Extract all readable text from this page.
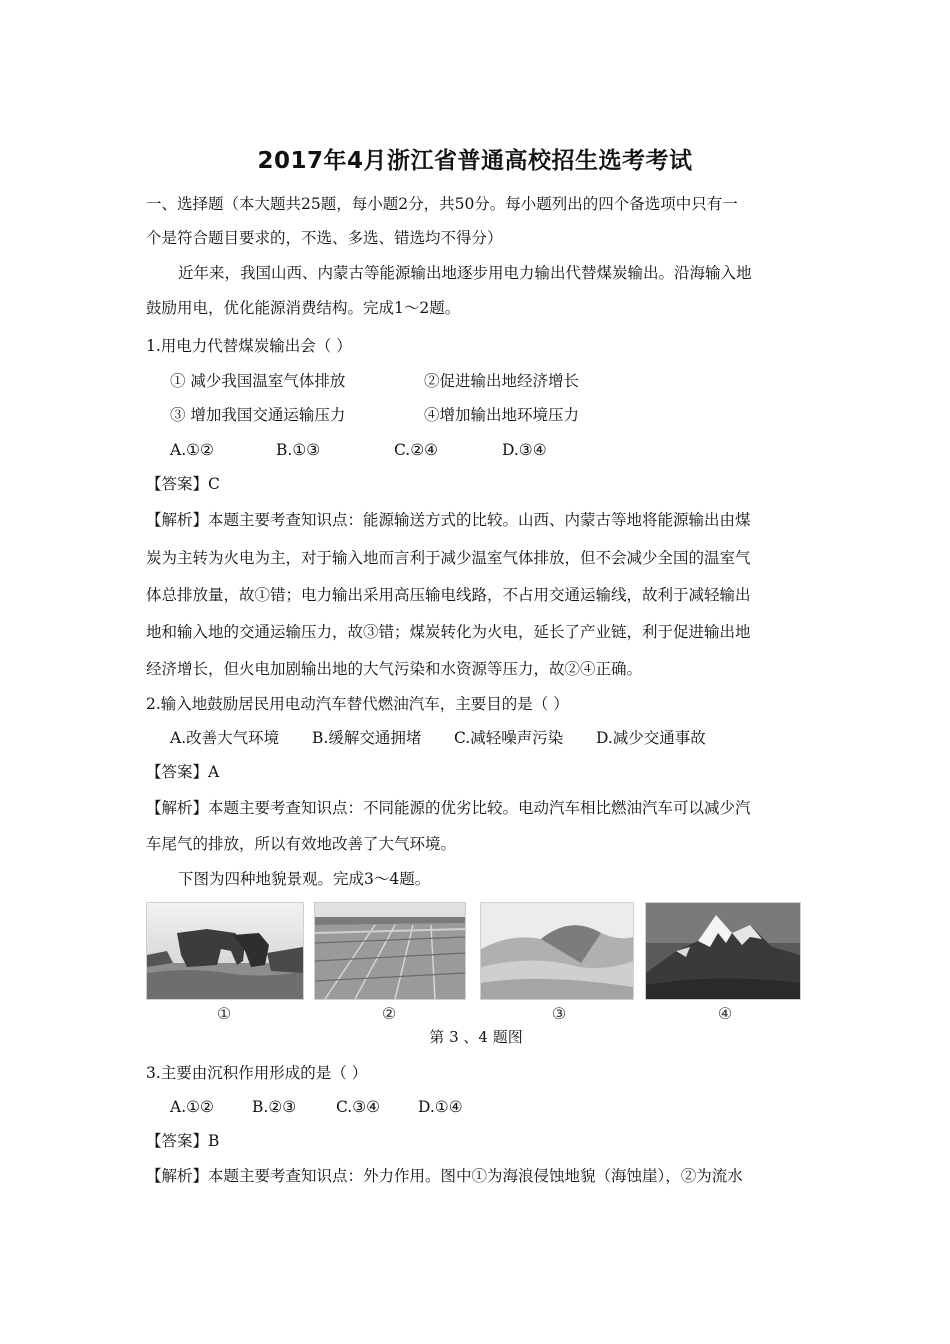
2017年4月浙江省普通高校招生选考考试
一、选择题（本大题共25题，每小题2分，共50分。每小题列出的四个备选项中只有一
个是符合题目要求的，不选、多选、错选均不得分）
近年来，我国山西、内蒙古等能源输出地逐步用电力输出代替煤炭输出。沿海输入地
鼓励用电，优化能源消费结构。完成1～2题。
1.用电力代替煤炭输出会（ ）
① 减少我国温室气体排放	②促进输出地经济增长
③ 增加我国交通运输压力	④增加输出地环境压力
A.①②	B.①③	C.②④	D.③④
【答案】C
【解析】本题主要考查知识点：能源输送方式的比较。山西、内蒙古等地将能源输出由煤
炭为主转为火电为主，对于输入地而言利于减少温室气体排放，但不会减少全国的温室气
体总排放量，故①错；电力输出采用高压输电线路，不占用交通运输线，故利于减轻输出
地和输入地的交通运输压力，故③错；煤炭转化为火电，延长了产业链，利于促进输出地
经济增长，但火电加剧输出地的大气污染和水资源等压力，故②④正确。
2.输入地鼓励居民用电动汽车替代燃油汽车，主要目的是（ ）
A.改善大气环境 B.缓解交通拥堵 C.减轻噪声污染 D.减少交通事故
【答案】A
【解析】本题主要考查知识点：不同能源的优劣比较。电动汽车相比燃油汽车可以减少汽
车尾气的排放，所以有效地改善了大气环境。
下图为四种地貌景观。完成3～4题。
①	②	③	④
第 3 、4 题图
3.主要由沉积作用形成的是（ ）
A.①② B.②③	C.③④ D.①④
【答案】B
【解析】本题主要考查知识点：外力作用。图中①为海浪侵蚀地貌（海蚀崖），②为流水
